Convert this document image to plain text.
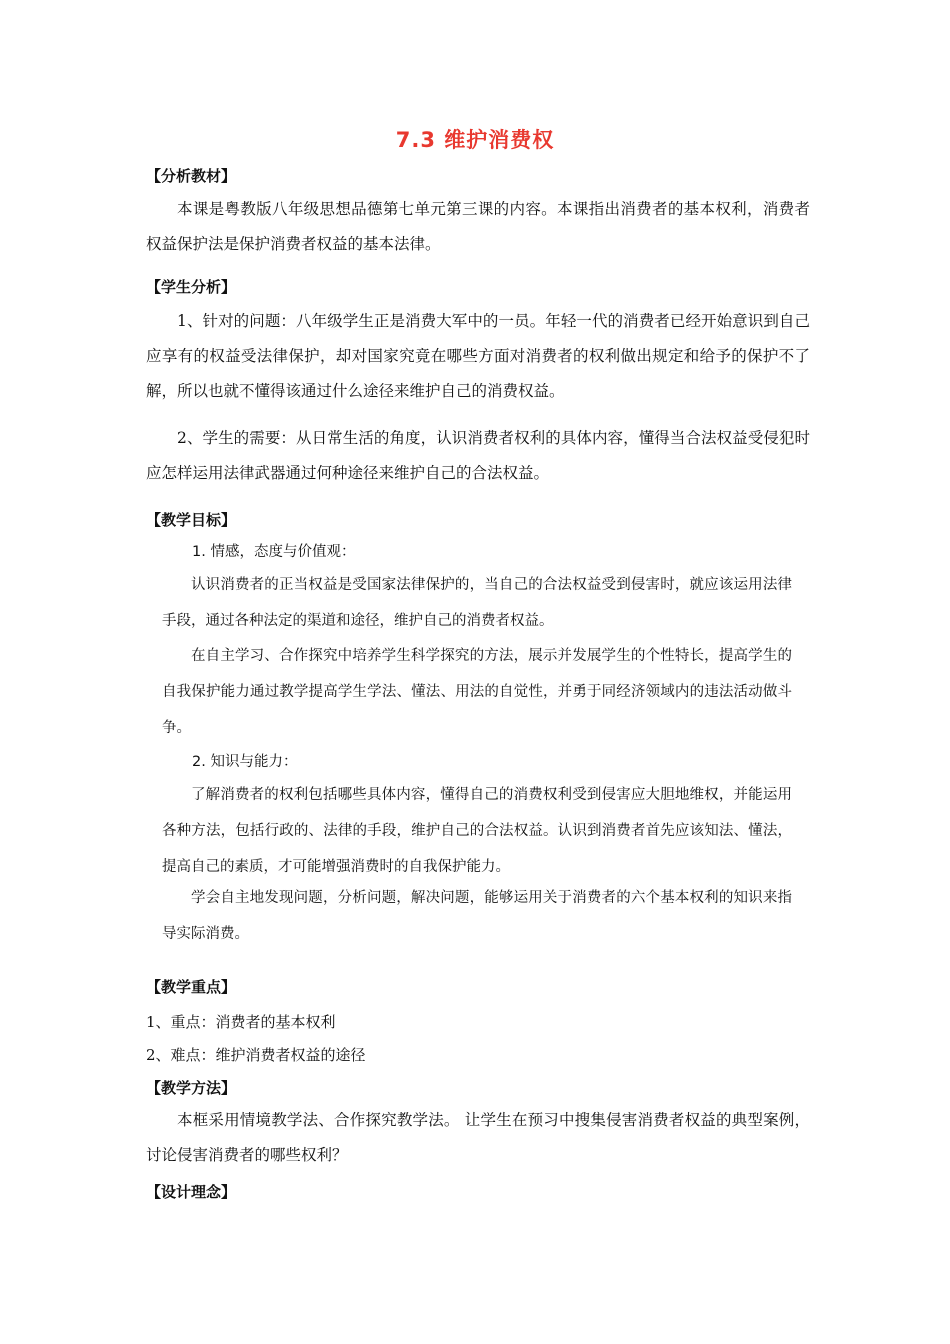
7.3 维护消费权
【分析教材】

本课是粤教版八年级思想品德第七单元第三课的内容。本课指出消费者的基本权利，消费者权益保护法是保护消费者权益的基本法律。

【学生分析】

1、针对的问题：八年级学生正是消费大军中的一员。年轻一代的消费者已经开始意识到自己应享有的权益受法律保护，却对国家究竟在哪些方面对消费者的权利做出规定和给予的保护不了解，所以也就不懂得该通过什么途径来维护自己的消费权益。

2、学生的需要：从日常生活的角度，认识消费者权利的具体内容，懂得当合法权益受侵犯时应怎样运用法律武器通过何种途径来维护自己的合法权益。

【教学目标】

1. 情感，态度与价值观：

认识消费者的正当权益是受国家法律保护的，当自己的合法权益受到侵害时，就应该运用法律手段，通过各种法定的渠道和途径，维护自己的消费者权益。

在自主学习、合作探究中培养学生科学探究的方法，展示并发展学生的个性特长，提高学生的自我保护能力通过教学提高学生学法、懂法、用法的自觉性，并勇于同经济领域内的违法活动做斗争。

2. 知识与能力：

了解消费者的权利包括哪些具体内容，懂得自己的消费权利受到侵害应大胆地维权，并能运用各种方法，包括行政的、法律的手段，维护自己的合法权益。认识到消费者首先应该知法、懂法，提高自己的素质，才可能增强消费时的自我保护能力。

学会自主地发现问题，分析问题，解决问题，能够运用关于消费者的六个基本权利的知识来指导实际消费。

【教学重点】

1、重点：消费者的基本权利

2、难点：维护消费者权益的途径

【教学方法】

本框采用情境教学法、合作探究教学法。 让学生在预习中搜集侵害消费者权益的典型案例，讨论侵害消费者的哪些权利？

【设计理念】
